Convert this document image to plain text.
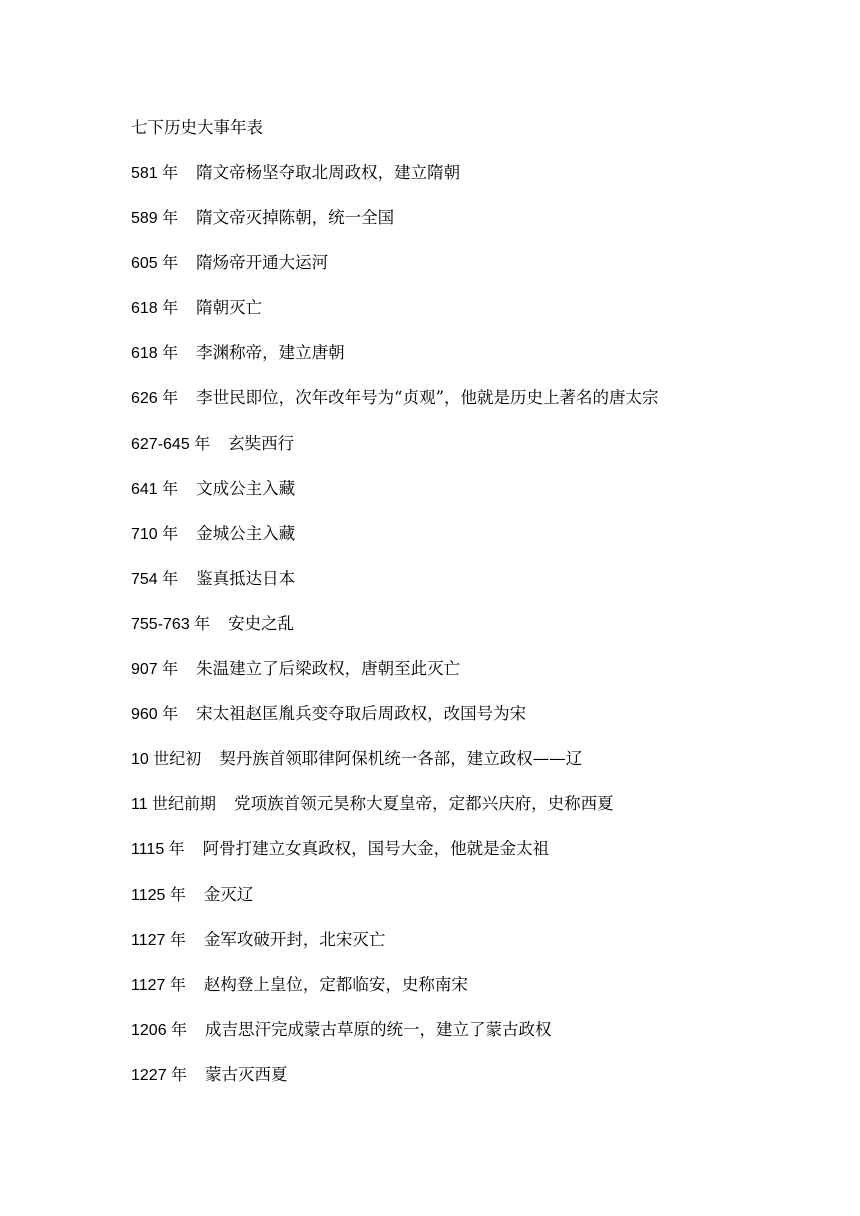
七下历史大事年表
581 年 隋文帝杨坚夺取北周政权，建立隋朝
589 年 隋文帝灭掉陈朝，统一全国
605 年 隋炀帝开通大运河
618 年 隋朝灭亡
618 年 李渊称帝，建立唐朝
626 年 李世民即位，次年改年号为“贞观”，他就是历史上著名的唐太宗
627-645 年 玄奘西行
641 年 文成公主入藏
710 年 金城公主入藏
754 年 鉴真抵达日本
755-763 年 安史之乱
907 年 朱温建立了后梁政权，唐朝至此灭亡
960 年 宋太祖赵匡胤兵变夺取后周政权，改国号为宋
10 世纪初 契丹族首领耶律阿保机统一各部，建立政权——辽
11 世纪前期 党项族首领元昊称大夏皇帝，定都兴庆府，史称西夏
1115 年 阿骨打建立女真政权，国号大金，他就是金太祖
1125 年 金灭辽
1127 年 金军攻破开封，北宋灭亡
1127 年 赵构登上皇位，定都临安，史称南宋
1206 年 成吉思汗完成蒙古草原的统一，建立了蒙古政权
1227 年 蒙古灭西夏
